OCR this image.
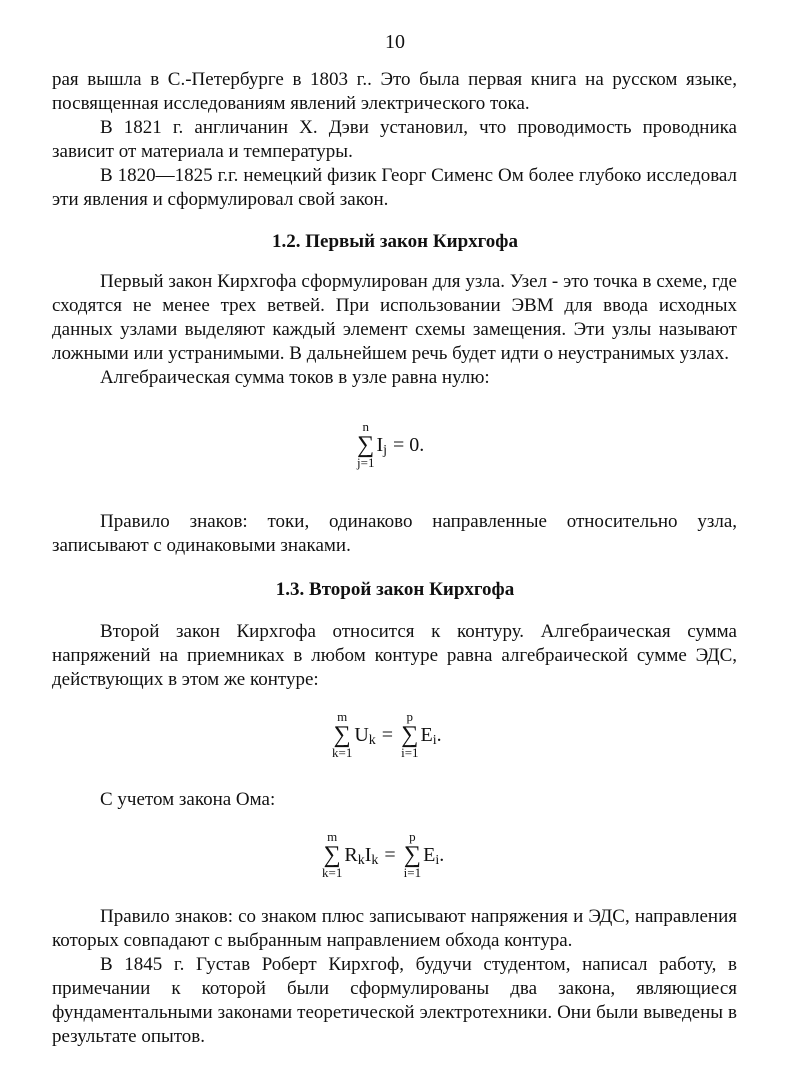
10

рая вышла в С.-Петербурге в 1803 г.. Это была первая книга на русском языке, посвященная исследованиям явлений электрического тока.

В 1821 г. англичанин Х. Дэви установил, что проводимость проводника зависит от материала и температуры.

В 1820—1825 г.г. немецкий физик Георг Сименс Ом более глубоко исследовал эти явления и сформулировал свой закон.

1.2. Первый закон Кирхгофа

Первый закон Кирхгофа сформулирован для узла. Узел - это точка в схеме, где сходятся не менее трех ветвей. При использовании ЭВМ для ввода исходных данных узлами выделяют каждый элемент схемы замещения. Эти узлы называют ложными или устранимыми. В дальнейшем речь будет идти о неустранимых узлах.

Алгебраическая сумма токов в узле равна нулю:

n
∑
j=1
I j = 0.

Правило знаков: токи, одинаково направленные относительно узла, записывают с одинаковыми знаками.

1.3. Второй закон Кирхгофа

Второй закон Кирхгофа относится к контуру. Алгебраическая сумма напряжений на приемниках в любом контуре равна алгебраической сумме ЭДС, действующих в этом же контуре:

m
∑
k=1
U k =
p
∑
i=1
E i .

С учетом закона Ома:

m
∑
k=1
R k I k =
p
∑
i=1
E i .

Правило знаков: со знаком плюс записывают напряжения и ЭДС, направления которых совпадают с выбранным направлением обхода контура.

В 1845 г. Густав Роберт Кирхгоф, будучи студентом, написал работу, в примечании к которой были сформулированы два закона, являющиеся фундаментальными законами теоретической электротехники. Они были выведены в результате опытов.
